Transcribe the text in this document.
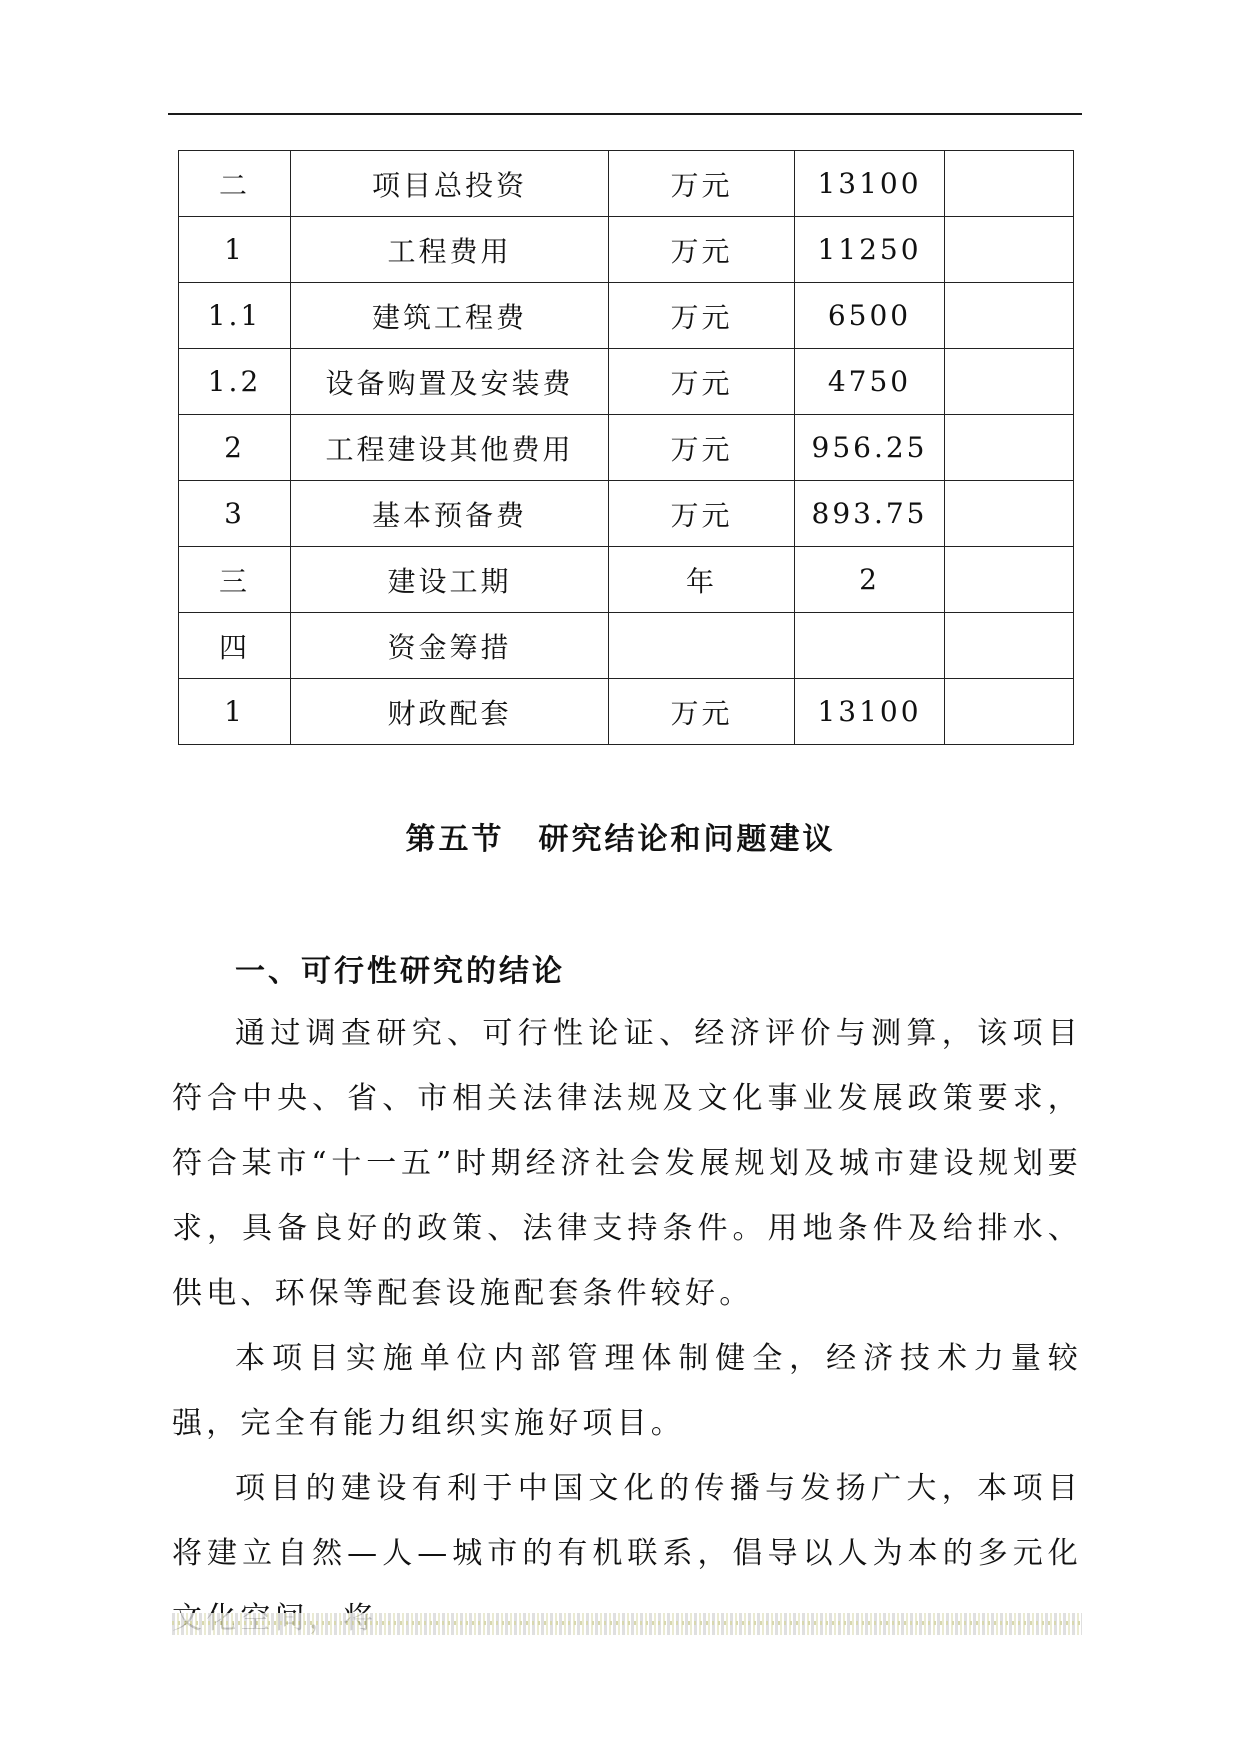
二	项目总投资	万元	13100	
1	工程费用	万元	11250	
1.1	建筑工程费	万元	6500	
1.2	设备购置及安装费	万元	4750	
2	工程建设其他费用	万元	956.25	
3	基本预备费	万元	893.75	
三	建设工期	年	2	
四	资金筹措			
1	财政配套	万元	13100	
第五节 研究结论和问题建议
一、可行性研究的结论

通过调查研究、可行性论证、经济评价与测算，该项目符合中央、省、市相关法律法规及文化事业发展政策要求，符合某市“十一五”时期经济社会发展规划及城市建设规划要求，具备良好的政策、法律支持条件。用地条件及给排水、供电、环保等配套设施配套条件较好。

本项目实施单位内部管理体制健全，经济技术力量较强，完全有能力组织实施好项目。

项目的建设有利于中国文化的传播与发扬广大，本项目将建立自然—人—城市的有机联系，倡导以人为本的多元化
